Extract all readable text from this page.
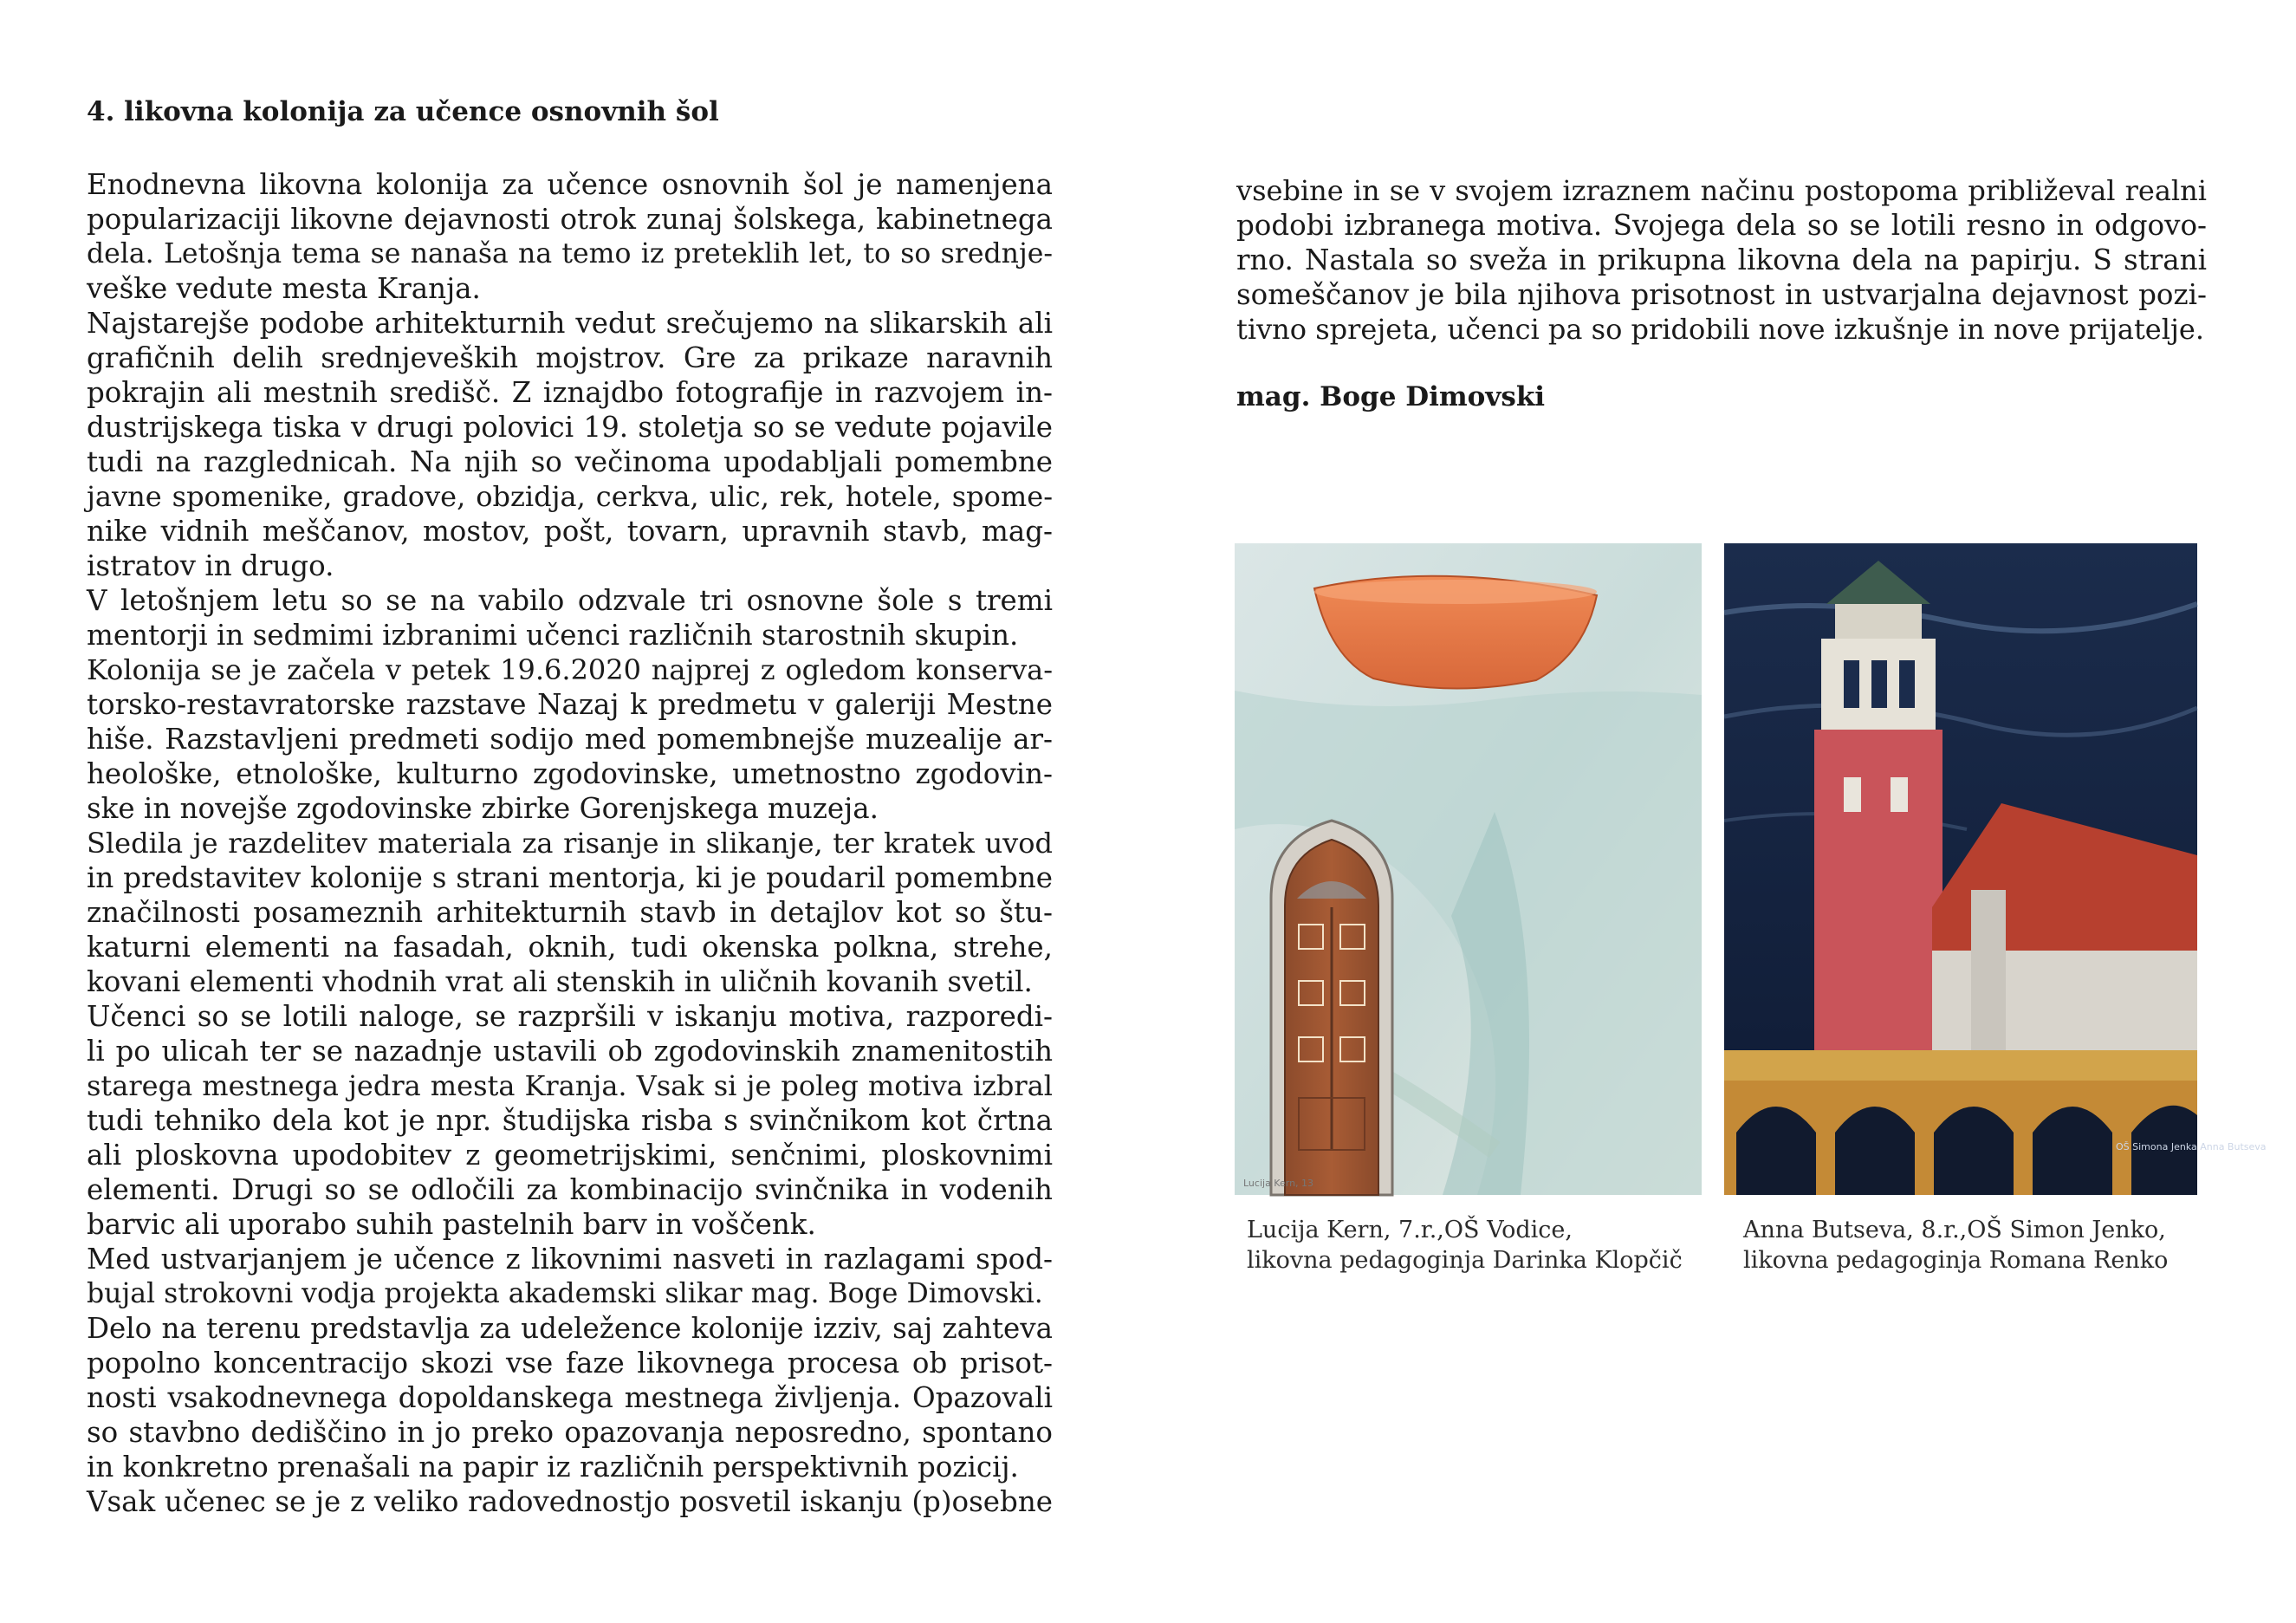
4. likovna kolonija za učence osnovnih šol
Enodnevna likovna kolonija za učence osnovnih šol je namenjena
popularizaciji likovne dejavnosti otrok zunaj šolskega, kabinetnega
dela. Letošnja tema se nanaša na temo iz preteklih let, to so srednje-
veške vedute mesta Kranja.
Najstarejše podobe arhitekturnih vedut srečujemo na slikarskih ali
grafičnih delih srednjeveških mojstrov. Gre za prikaze naravnih
pokrajin ali mestnih središč. Z iznajdbo fotografije in razvojem in-
dustrijskega tiska v drugi polovici 19. stoletja so se vedute pojavile
tudi na razglednicah. Na njih so večinoma upodabljali pomembne
javne spomenike, gradove, obzidja, cerkva, ulic, rek, hotele, spome-
nike vidnih meščanov, mostov, pošt, tovarn, upravnih stavb, mag-
istratov in drugo.
V letošnjem letu so se na vabilo odzvale tri osnovne šole s tremi
mentorji in sedmimi izbranimi učenci različnih starostnih skupin.
Kolonija se je začela v petek 19.6.2020 najprej z ogledom konserva-
torsko-restavratorske razstave Nazaj k predmetu v galeriji Mestne
hiše. Razstavljeni predmeti sodijo med pomembnejše muzealije ar-
heološke, etnološke, kulturno zgodovinske, umetnostno zgodovin-
ske in novejše zgodovinske zbirke Gorenjskega muzeja.
Sledila je razdelitev materiala za risanje in slikanje, ter kratek uvod
in predstavitev kolonije s strani mentorja, ki je poudaril pomembne
značilnosti posameznih arhitekturnih stavb in detajlov kot so štu-
katurni elementi na fasadah, oknih, tudi okenska polkna, strehe,
kovani elementi vhodnih vrat ali stenskih in uličnih kovanih svetil.
Učenci so se lotili naloge, se razpršili v iskanju motiva, razporedi-
li po ulicah ter se nazadnje ustavili ob zgodovinskih znamenitostih
starega mestnega jedra mesta Kranja. Vsak si je poleg motiva izbral
tudi tehniko dela kot je npr. študijska risba s svinčnikom kot črtna
ali ploskovna upodobitev z geometrijskimi, senčnimi, ploskovnimi
elementi. Drugi so se odločili za kombinacijo svinčnika in vodenih
barvic ali uporabo suhih pastelnih barv in voščenk.
Med ustvarjanjem je učence z likovnimi nasveti in razlagami spod-
bujal strokovni vodja projekta akademski slikar mag. Boge Dimovski.
Delo na terenu predstavlja za udeležence kolonije izziv, saj zahteva
popolno koncentracijo skozi vse faze likovnega procesa ob prisot-
nosti vsakodnevnega dopoldanskega mestnega življenja. Opazovali
so stavbno dediščino in jo preko opazovanja neposredno, spontano
in konkretno prenašali na papir iz različnih perspektivnih pozicij.
Vsak učenec se je z veliko radovednostjo posvetil iskanju (p)osebne
vsebine in se v svojem izraznem načinu postopoma približeval realni
podobi izbranega motiva. Svojega dela so se lotili resno in odgovo-
rno. Nastala so sveža in prikupna likovna dela na papirju. S strani
someščanov je bila njihova prisotnost in ustvarjalna dejavnost pozi-
tivno sprejeta, učenci pa so pridobili nove izkušnje in nove prijatelje.

mag. Boge Dimovski

Lucija Kern, 13
OŠ Simona Jenka Anna Butseva
Lucija Kern, 7.r.,OŠ Vodice,
likovna pedagoginja Darinka Klopčič
Anna Butseva, 8.r.,OŠ Simon Jenko,
likovna pedagoginja Romana Renko
